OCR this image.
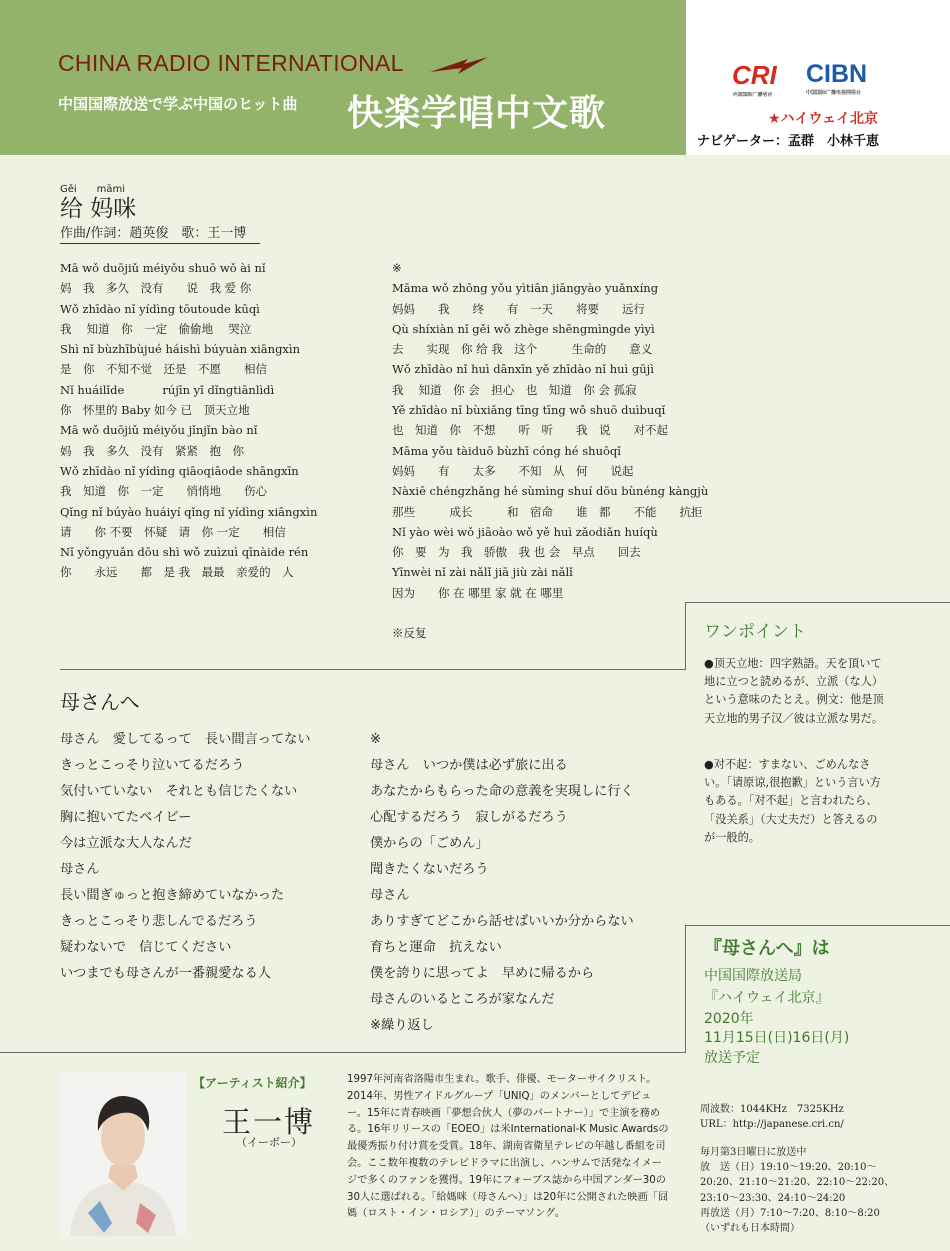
CHINA RADIO INTERNATIONAL
中国国際放送で学ぶ中国のヒット曲 快楽学唱中文歌
CRI
中国国际广播电台
CIBN
中国国际广播电视网络台
★ハイウェイ北京
ナビゲーター：孟群　小林千恵
Gěi　　māmi
给 妈咪
作曲/作詞：趙英俊　歌：王一博
Mā wǒ duōjiǔ méiyǒu shuō wǒ ài nǐ
妈　我　多久　没有　　说　我 爱 你
Wǒ zhīdào nǐ yídìng tōutoude kūqì
我　 知道　你　一定　偷偷地　 哭泣
Shì nǐ bùzhībùjué háishì búyuàn xiāngxìn
是　你　不知不觉　还是　不愿　　相信
Nǐ huáilǐde　　　 rújīn yǐ dǐngtiānlìdì
你　怀里的 Baby 如今 已　顶天立地
Mā wǒ duōjiǔ méiyǒu jǐnjǐn bào nǐ
妈　我　多久　没有　紧紧　抱　你
Wǒ zhīdào nǐ yídìng qiāoqiāode shāngxīn
我　知道　你　一定　　悄悄地　　伤心
Qǐng nǐ búyào huáiyí qǐng nǐ yídìng xiāngxìn
请　　你 不要　怀疑　请　你 一定　　相信
Nǐ yǒngyuǎn dōu shì wǒ zuìzuì qīnàide rén
你　　永远　　都　是 我　最最　亲爱的　人
※
Māma wǒ zhōng yǒu yìtiān jiāngyào yuǎnxíng
妈妈　　我　　终　　有　一天　　将要　　远行
Qù shíxiàn nǐ gěi wǒ zhège shēngmìngde yìyì
去　　实现　你 给 我　这个　　　生命的　　意义
Wǒ zhīdào nǐ huì dānxīn yě zhīdào nǐ huì gūjì
我　 知道　你 会　担心　也　知道　你 会 孤寂
Yě zhīdào nǐ bùxiǎng tīng tīng wǒ shuō duìbuqǐ
也　知道　你　不想　　听　听　　我　说　　对不起
Māma yǒu tàiduō bùzhī cóng hé shuōqǐ
妈妈　　有　　太多　　不知　从　何　　说起
Nàxiē chéngzhǎng hé sùmìng shuí dōu bùnéng kàngjù
那些　　　成长　　　和　宿命　　谁　都　　不能　　抗拒
Nǐ yào wèi wǒ jiāoào wǒ yě huì zǎodiǎn huíqù
你　要　为　我　骄傲　我 也 会　早点　　回去
Yīnwèi nǐ zài nǎlǐ jiā jiù zài nǎlǐ
因为　　你 在 哪里 家 就 在 哪里

※反复
母さんへ
母さん　愛してるって　長い間言ってない
きっとこっそり泣いてるだろう
気付いていない　それとも信じたくない
胸に抱いてたベイビー
今は立派な大人なんだ
母さん
長い間ぎゅっと抱き締めていなかった
きっとこっそり悲しんでるだろう
疑わないで　信じてください
いつまでも母さんが一番親愛なる人
※
母さん　いつか僕は必ず旅に出る
あなたからもらった命の意義を実現しに行く
心配するだろう　寂しがるだろう
僕からの「ごめん」
聞きたくないだろう
母さん
ありすぎてどこから話せばいいか分からない
育ちと運命　抗えない
僕を誇りに思ってよ　早めに帰るから
母さんのいるところが家なんだ
※繰り返し
ワンポイント
●顶天立地：四字熟語。天を頂いて地に立つと読めるが、立派（な人）という意味のたとえ。例文：他是顶天立地的男子汉／彼は立派な男だ。
●对不起：すまない、ごめんなさい。「请原谅,很抱歉」という言い方もある。「对不起」と言われたら、「没关系」（大丈夫だ）と答えるのが一般的。
『母さんへ』は
中国国際放送局
『ハイウェイ北京』
2020年
11月15日(日)16日(月)
放送予定
周波数：1044KHz　7325KHz
URL：http://japanese.cri.cn/
毎月第3日曜日に放送中
放　送（日）19:10～19:20、20:10～
20:20、21:10～21:20、22:10～22:20、
23:10～23:30、24:10～24:20
再放送（月）7:10～7:20、8:10～8:20
（いずれも日本時間）
【アーティスト紹介】
王一博
（イーボー）
1997年河南省洛陽市生まれ。歌手、俳優、モーターサイクリスト。2014年、男性アイドルグループ「UNIQ」のメンバーとしてデビュー。15年に青春映画「夢想合伙人（夢のパートナー）」で主演を務める。16年リリースの「EOEO」は米International-K Music Awardsの最優秀振り付け賞を受賞。18年、湖南省衛星テレビの年越し番組を司会。ここ数年複数のテレビドラマに出演し、ハンサムで活発なイメージで多くのファンを獲得。19年にフォーブス誌から中国アンダー30の30人に選ばれる。「給媽咪（母さんへ）」は20年に公開された映画「囧媽（ロスト・イン・ロシア）」のテーマソング。
